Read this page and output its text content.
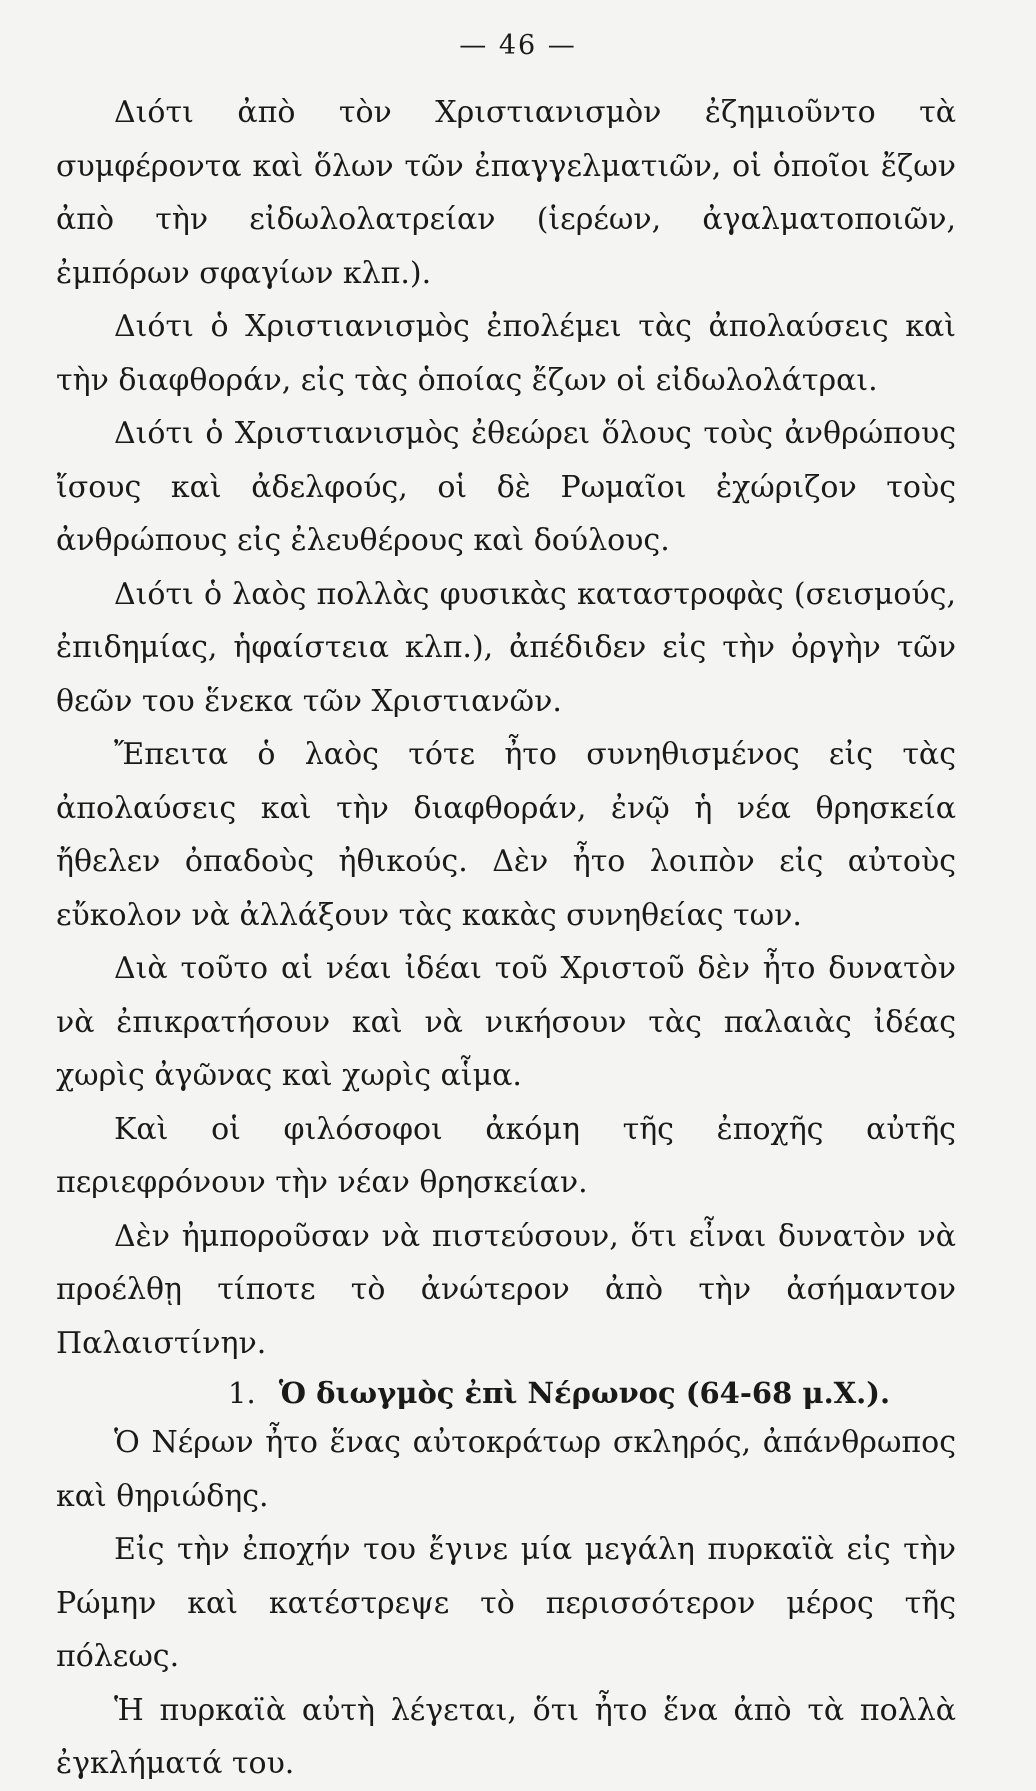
— 46 —

Διότι ἀπὸ τὸν Χριστιανισμὸν ἐζημιοῦντο τὰ συμφέροντα καὶ ὅλων τῶν ἐπαγγελματιῶν, οἱ ὁποῖοι ἔζων ἀπὸ τὴν εἰδωλολατρείαν (ἱερέων, ἀγαλματοποιῶν, ἐμπόρων σφαγίων κλπ.).

Διότι ὁ Χριστιανισμὸς ἐπολέμει τὰς ἀπολαύσεις καὶ τὴν διαφθοράν, εἰς τὰς ὁποίας ἔζων οἱ εἰδωλολάτραι.

Διότι ὁ Χριστιανισμὸς ἐθεώρει ὅλους τοὺς ἀνθρώπους ἴσους καὶ ἀδελφούς, οἱ δὲ Ρωμαῖοι ἐχώριζον τοὺς ἀνθρώπους εἰς ἐλευθέρους καὶ δούλους.

Διότι ὁ λαὸς πολλὰς φυσικὰς καταστροφὰς (σεισμούς, ἐπιδημίας, ἡφαίστεια κλπ.), ἀπέδιδεν εἰς τὴν ὀργὴν τῶν θεῶν του ἕνεκα τῶν Χριστιανῶν.

Ἔπειτα ὁ λαὸς τότε ἦτο συνηθισμένος εἰς τὰς ἀπολαύσεις καὶ τὴν διαφθοράν, ἐνῷ ἡ νέα θρησκεία ἤθελεν ὀπαδοὺς ἠθικούς. Δὲν ἦτο λοιπὸν εἰς αὐτοὺς εὔκολον νὰ ἀλλάξουν τὰς κακὰς συνηθείας των.

Διὰ τοῦτο αἱ νέαι ἰδέαι τοῦ Χριστοῦ δὲν ἦτο δυνατὸν νὰ ἐπικρατήσουν καὶ νὰ νικήσουν τὰς παλαιὰς ἰδέας χωρὶς ἀγῶνας καὶ χωρὶς αἷμα.

Καὶ οἱ φιλόσοφοι ἀκόμη τῆς ἐποχῆς αὐτῆς περιεφρόνουν τὴν νέαν θρησκείαν.

Δὲν ἠμποροῦσαν νὰ πιστεύσουν, ὅτι εἶναι δυνατὸν νὰ προέλθῃ τίποτε τὸ ἀνώτερον ἀπὸ τὴν ἀσήμαντον Παλαιστίνην.

1. Ὁ διωγμὸς ἐπὶ Νέρωνος (64-68 μ.Χ.).

Ὁ Νέρων ἦτο ἕνας αὐτοκράτωρ σκληρός, ἀπάνθρωπος καὶ θηριώδης.

Εἰς τὴν ἐποχήν του ἔγινε μία μεγάλη πυρκαϊὰ εἰς τὴν Ρώμην καὶ κατέστρεψε τὸ περισσότερον μέρος τῆς πόλεως.

Ἡ πυρκαϊὰ αὐτὴ λέγεται, ὅτι ἦτο ἕνα ἀπὸ τὰ πολλὰ ἐγκλήματά του.
